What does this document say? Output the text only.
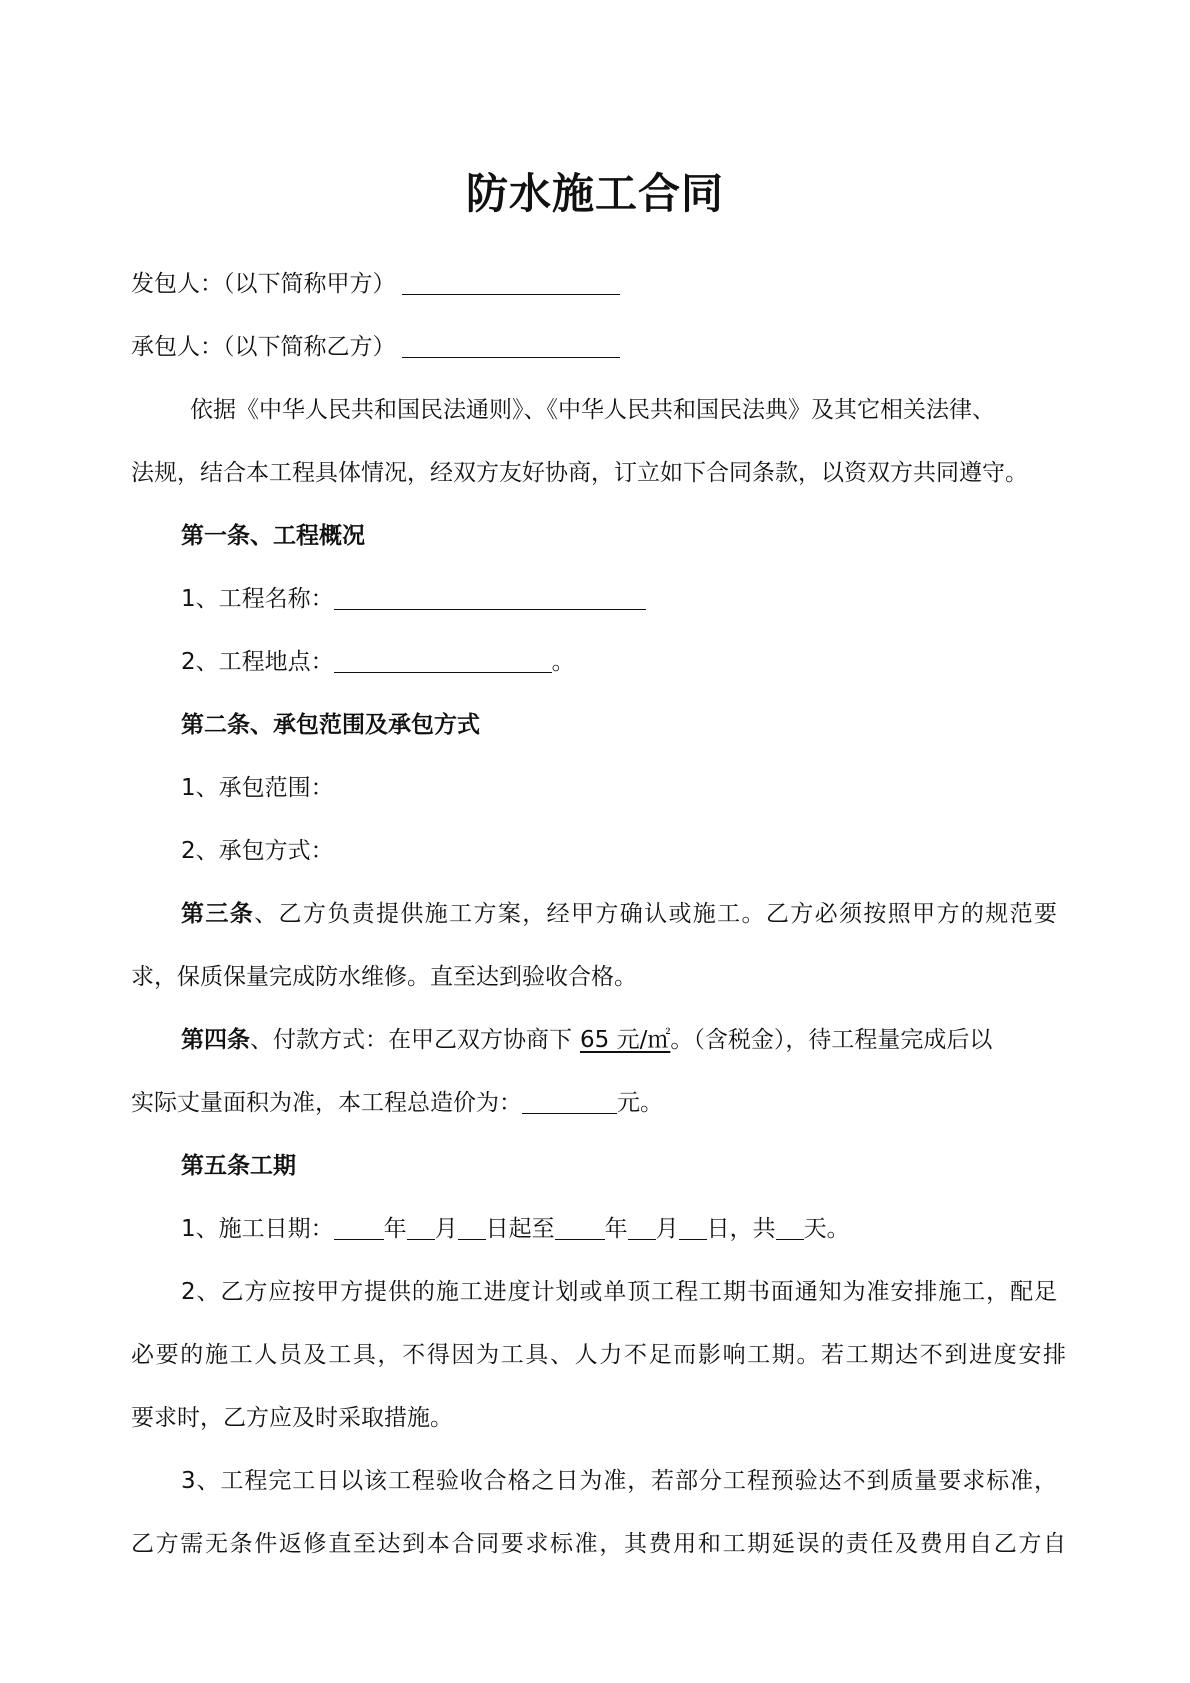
防水施工合同
发包人：（以下简称甲方）
承包人：（以下简称乙方）
依据《中华人民共和国民法通则》、《中华人民共和国民法典》及其它相关法律、
法规，结合本工程具体情况，经双方友好协商，订立如下合同条款，以资双方共同遵守。
第一条、工程概况
1、工程名称：
2、工程地点：	。
第二条、承包范围及承包方式
1、承包范围：
2、承包方式：
第三条、乙方负责提供施工方案，经甲方确认或施工。乙方必须按照甲方的规范要
求，保质保量完成防水维修。直至达到验收合格。
第四条、付款方式：在甲乙双方协商下 65 元/㎡。（含税金），待工程量完成后以
实际丈量面积为准，本工程总造价为：	元。
第五条工期
1、施工日期： 年 月 日起至 年 月 日，共 天。
2、乙方应按甲方提供的施工进度计划或单顶工程工期书面通知为准安排施工，配足
必要的施工人员及工具，不得因为工具、人力不足而影响工期。若工期达不到进度安排
要求时，乙方应及时采取措施。
3、工程完工日以该工程验收合格之日为准，若部分工程预验达不到质量要求标准，
乙方需无条件返修直至达到本合同要求标准，其费用和工期延误的责任及费用自乙方自
